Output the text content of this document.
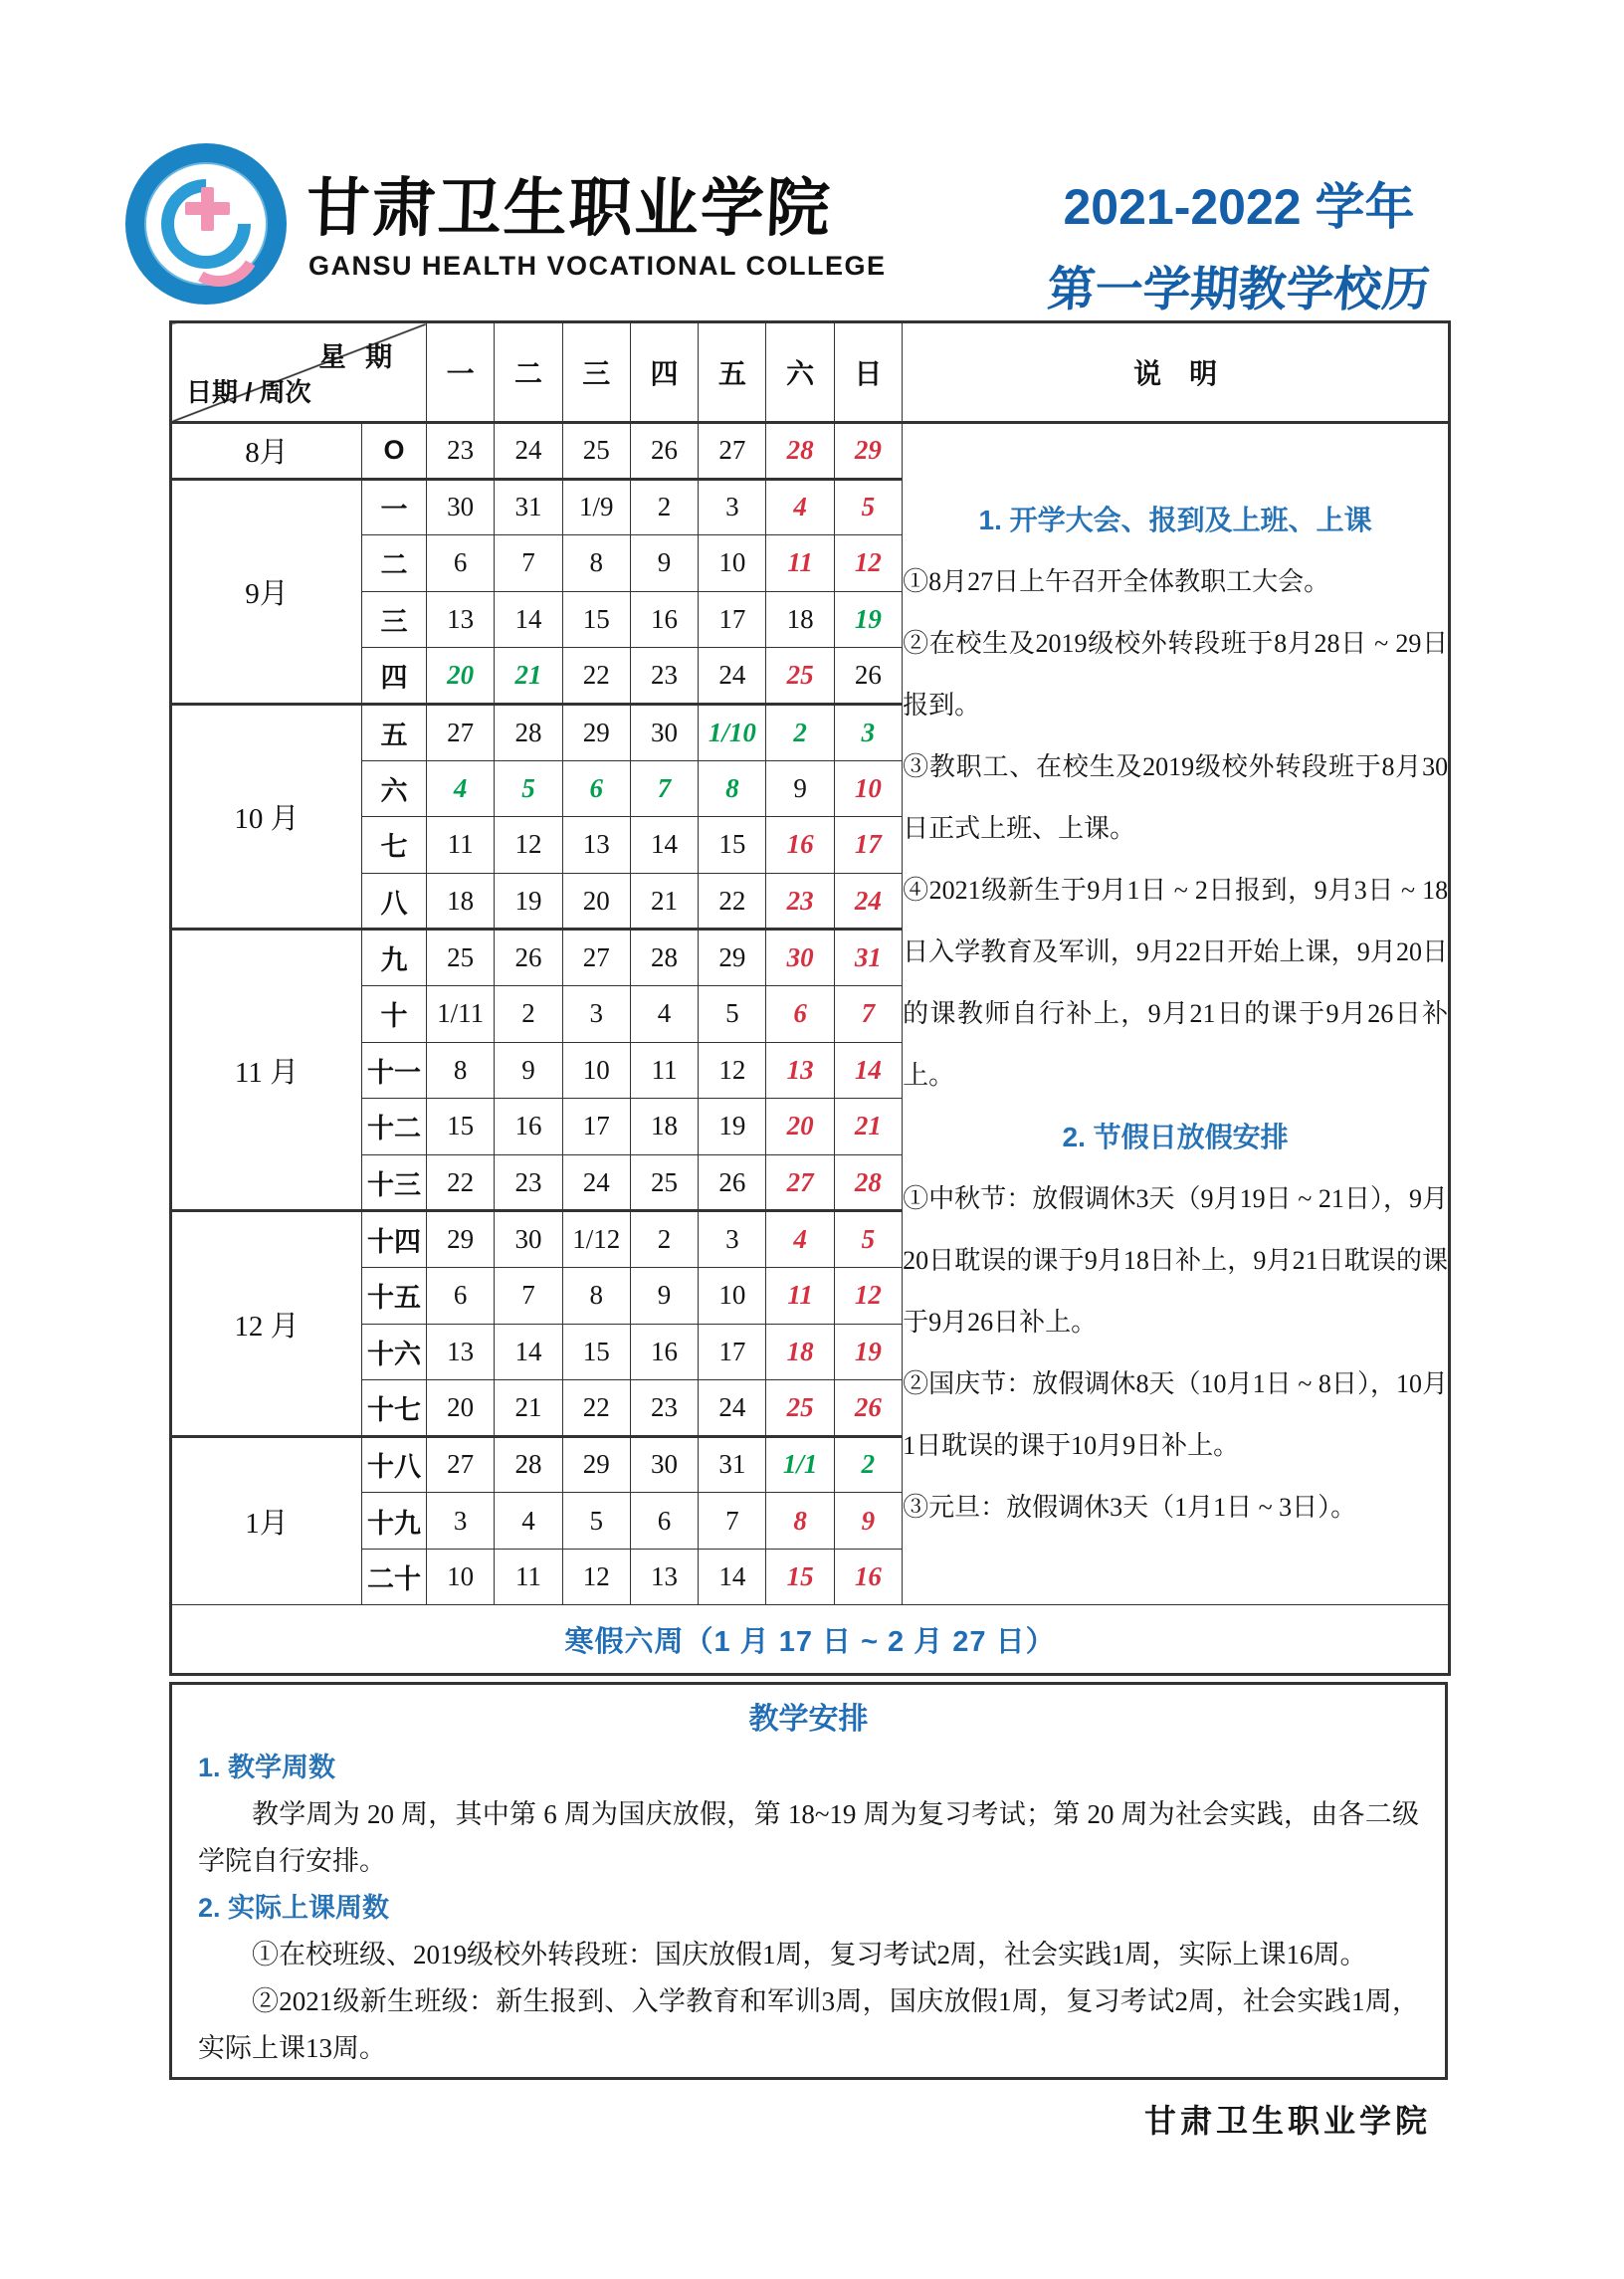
甘肃卫生职业学院
GANSU HEALTH VOCATIONAL COLLEGE
2021-2022 学年
第一学期教学校历
星 期
日期 / 周次		一	二	三	四	五	六	日	说　明
8月	O	23	24	25	26	27	28	29	
1. 开学大会、报到及上班、上课

①8月27日上午召开全体教职工大会。

②在校生及2019级校外转段班于8月28日 ~ 29日报到。

③教职工、在校生及2019级校外转段班于8月30日正式上班、上课。

④2021级新生于9月1日 ~ 2日报到，9月3日 ~ 18日入学教育及军训，9月22日开始上课，9月20日的课教师自行补上，9月21日的课于9月26日补上。

2. 节假日放假安排

①中秋节：放假调休3天（9月19日 ~ 21日），9月20日耽误的课于9月18日补上，9月21日耽误的课于9月26日补上。

②国庆节：放假调休8天（10月1日 ~ 8日），10月1日耽误的课于10月9日补上。

③元旦：放假调休3天（1月1日 ~ 3日）。

9月	一	30	31	1/9	2	3	4	5	
	二	6	7	8	9	10	11	12	
	三	13	14	15	16	17	18	19	
	四	20	21	22	23	24	25	26	
10 月	五	27	28	29	30	1/10	2	3	
	六	4	5	6	7	8	9	10	
	七	11	12	13	14	15	16	17	
	八	18	19	20	21	22	23	24	
11 月	九	25	26	27	28	29	30	31	
	十	1/11	2	3	4	5	6	7	
	十一	8	9	10	11	12	13	14	
	十二	15	16	17	18	19	20	21	
	十三	22	23	24	25	26	27	28	
12 月	十四	29	30	1/12	2	3	4	5	
	十五	6	7	8	9	10	11	12	
	十六	13	14	15	16	17	18	19	
	十七	20	21	22	23	24	25	26	
1月	十八	27	28	29	30	31	1/1	2	
	十九	3	4	5	6	7	8	9	
	二十	10	11	12	13	14	15	16	
寒假六周（1 月 17 日 ~ 2 月 27 日）									

教学安排

1. 教学周数

教学周为 20 周，其中第 6 周为国庆放假，第 18~19 周为复习考试；第 20 周为社会实践，由各二级学院自行安排。

2. 实际上课周数

①在校班级、2019级校外转段班：国庆放假1周，复习考试2周，社会实践1周，实际上课16周。

②2021级新生班级：新生报到、入学教育和军训3周，国庆放假1周，复习考试2周，社会实践1周，实际上课13周。

甘肃卫生职业学院
